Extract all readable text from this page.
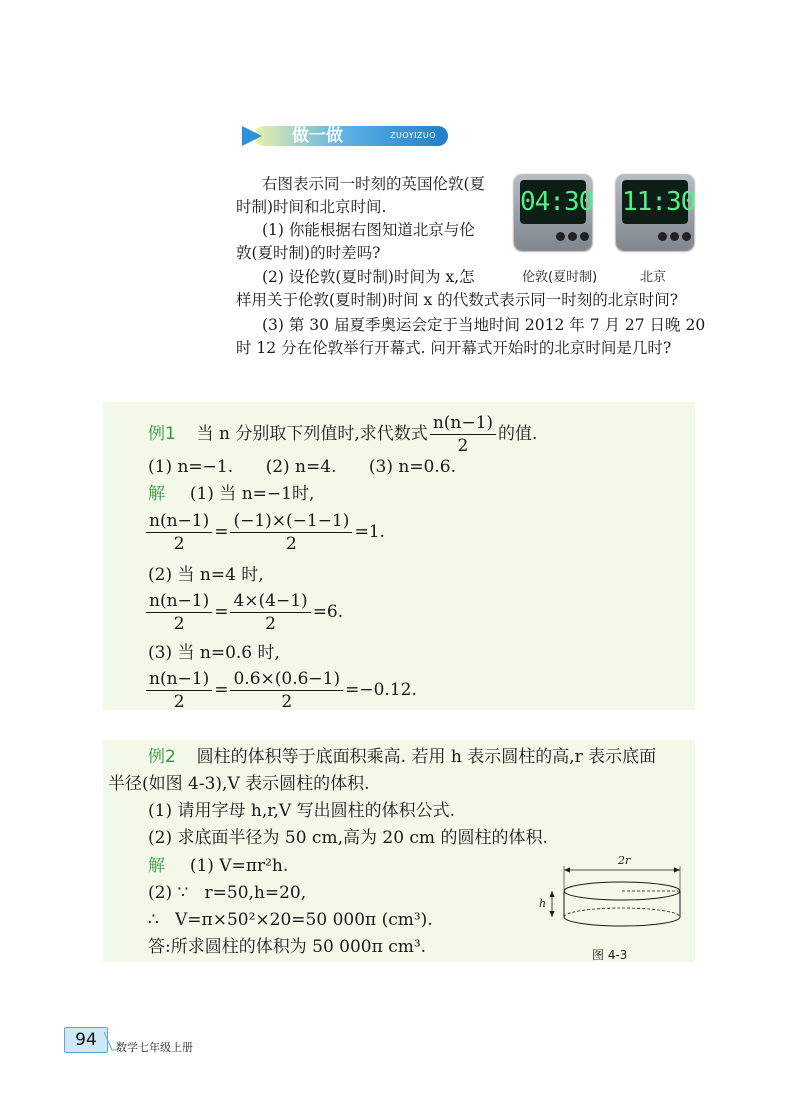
做一做	ZUOYIZUO
右图表示同一时刻的英国伦敦(夏
时制)时间和北京时间.
(1) 你能根据右图知道北京与伦
敦(夏时制)的时差吗?
(2) 设伦敦(夏时制)时间为 x,怎
样用关于伦敦(夏时制)时间 x 的代数式表示同一时刻的北京时间?
(3) 第 30 届夏季奥运会定于当地时间 2012 年 7 月 27 日晚 20
时 12 分在伦敦举行开幕式. 问开幕式开始时的北京时间是几时?
04:30
伦敦(夏时制)
11:30
北京
例1 当 n 分别取下列值时,求代数式 $\frac{n(n-1)}{2}$ 的值.
(1) n=−1.      (2) n=4.      (3) n=0.6.
解 (1) 当 n=−1时,
$\frac{n(n-1)}{2} = \frac{(-1)\times(-1-1)}{2} =1$.
(2) 当 n=4 时,
$\frac{n(n-1)}{2} = \frac{4\times(4-1)}{2} =6$.
(3) 当 n=0.6 时,
$\frac{n(n-1)}{2} = \frac{0.6\times(0.6-1)}{2} =-0.12$.
例2 圆柱的体积等于底面积乘高. 若用 h 表示圆柱的高,r 表示底面
半径(如图 4-3),V 表示圆柱的体积.
(1) 请用字母 h,r,V 写出圆柱的体积公式.
(2) 求底面半径为 50 cm,高为 20 cm 的圆柱的体积.
解 (1) V=πr²h.
(2) ∵   r=50,h=20,
∴   V=π×50²×20=50 000π (cm³).
答:所求圆柱的体积为 50 000π cm³.
2r
h
图 4-3
94	数学七年级上册
